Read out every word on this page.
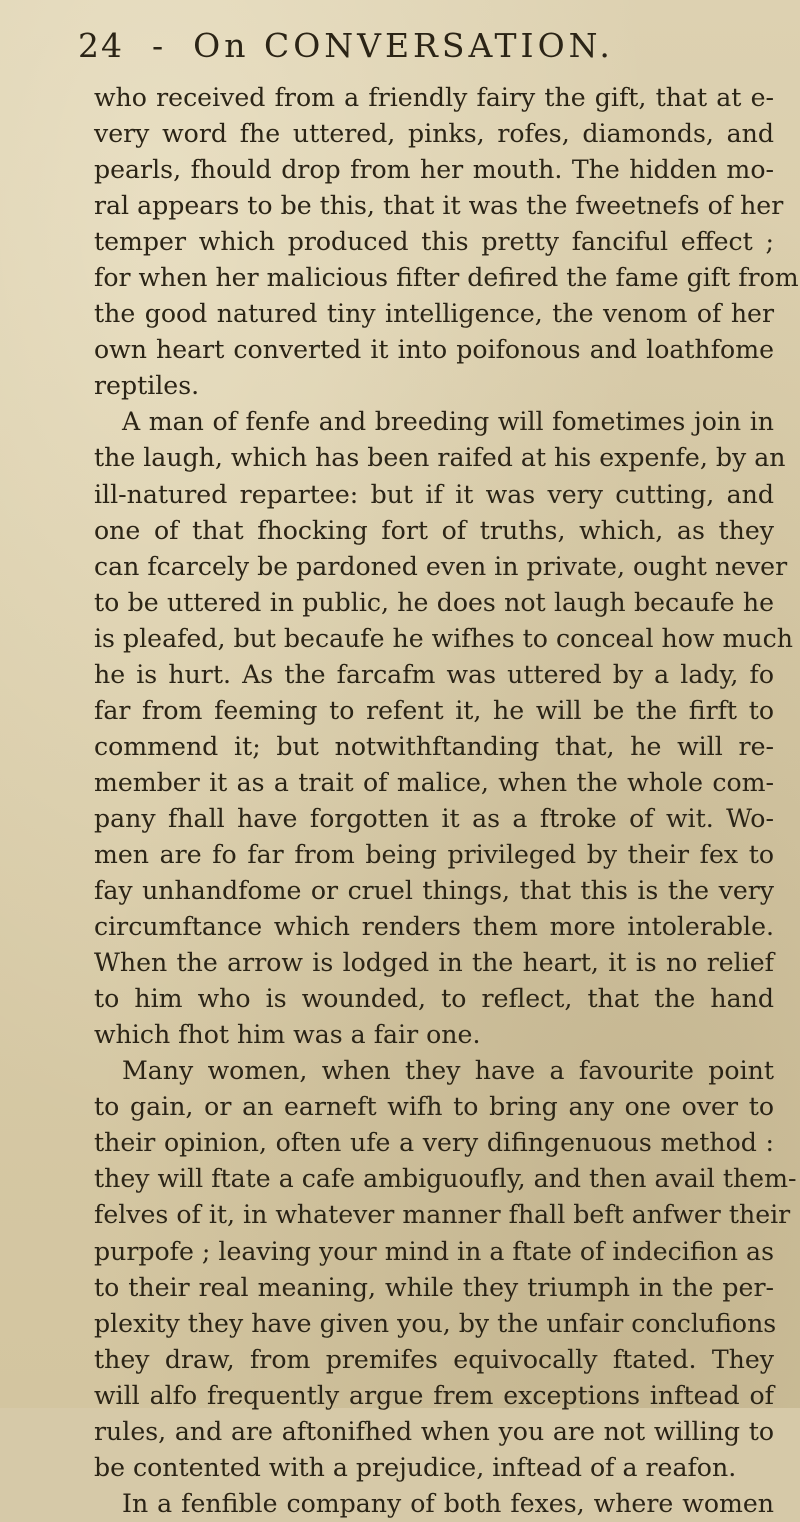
24 - On CONVERSATION.
who received from a friendly fairy the gift, that at e-
very word fhe uttered, pinks, rofes, diamonds, and
pearls, fhould drop from her mouth. The hidden mo-
ral appears to be this, that it was the fweetnefs of her
temper which produced this pretty fanciful effect ;
for when her malicious fifter defired the fame gift from
the good natured tiny intelligence, the venom of her
own heart converted it into poifonous and loathfome
reptiles.
A man of fenfe and breeding will fometimes join in
the laugh, which has been raifed at his expenfe, by an
ill-natured repartee: but if it was very cutting, and
one of that fhocking fort of truths, which, as they
can fcarcely be pardoned even in private, ought never
to be uttered in public, he does not laugh becaufe he
is pleafed, but becaufe he wifhes to conceal how much
he is hurt. As the farcafm was uttered by a lady, fo
far from feeming to refent it, he will be the firft to
commend it; but notwithftanding that, he will re-
member it as a trait of malice, when the whole com-
pany fhall have forgotten it as a ftroke of wit. Wo-
men are fo far from being privileged by their fex to
fay unhandfome or cruel things, that this is the very
circumftance which renders them more intolerable.
When the arrow is lodged in the heart, it is no relief
to him who is wounded, to reflect, that the hand
which fhot him was a fair one.
Many women, when they have a favourite point
to gain, or an earneft wifh to bring any one over to
their opinion, often ufe a very difingenuous method :
they will ftate a cafe ambiguoufly, and then avail them-
felves of it, in whatever manner fhall beft anfwer their
purpofe ; leaving your mind in a ftate of indecifion as
to their real meaning, while they triumph in the per-
plexity they have given you, by the unfair conclufions
they draw, from premifes equivocally ftated. They
will alfo frequently argue frem exceptions inftead of
rules, and are aftonifhed when you are not willing to
be contented with a prejudice, inftead of a reafon.
In a fenfible company of both fexes, where women
